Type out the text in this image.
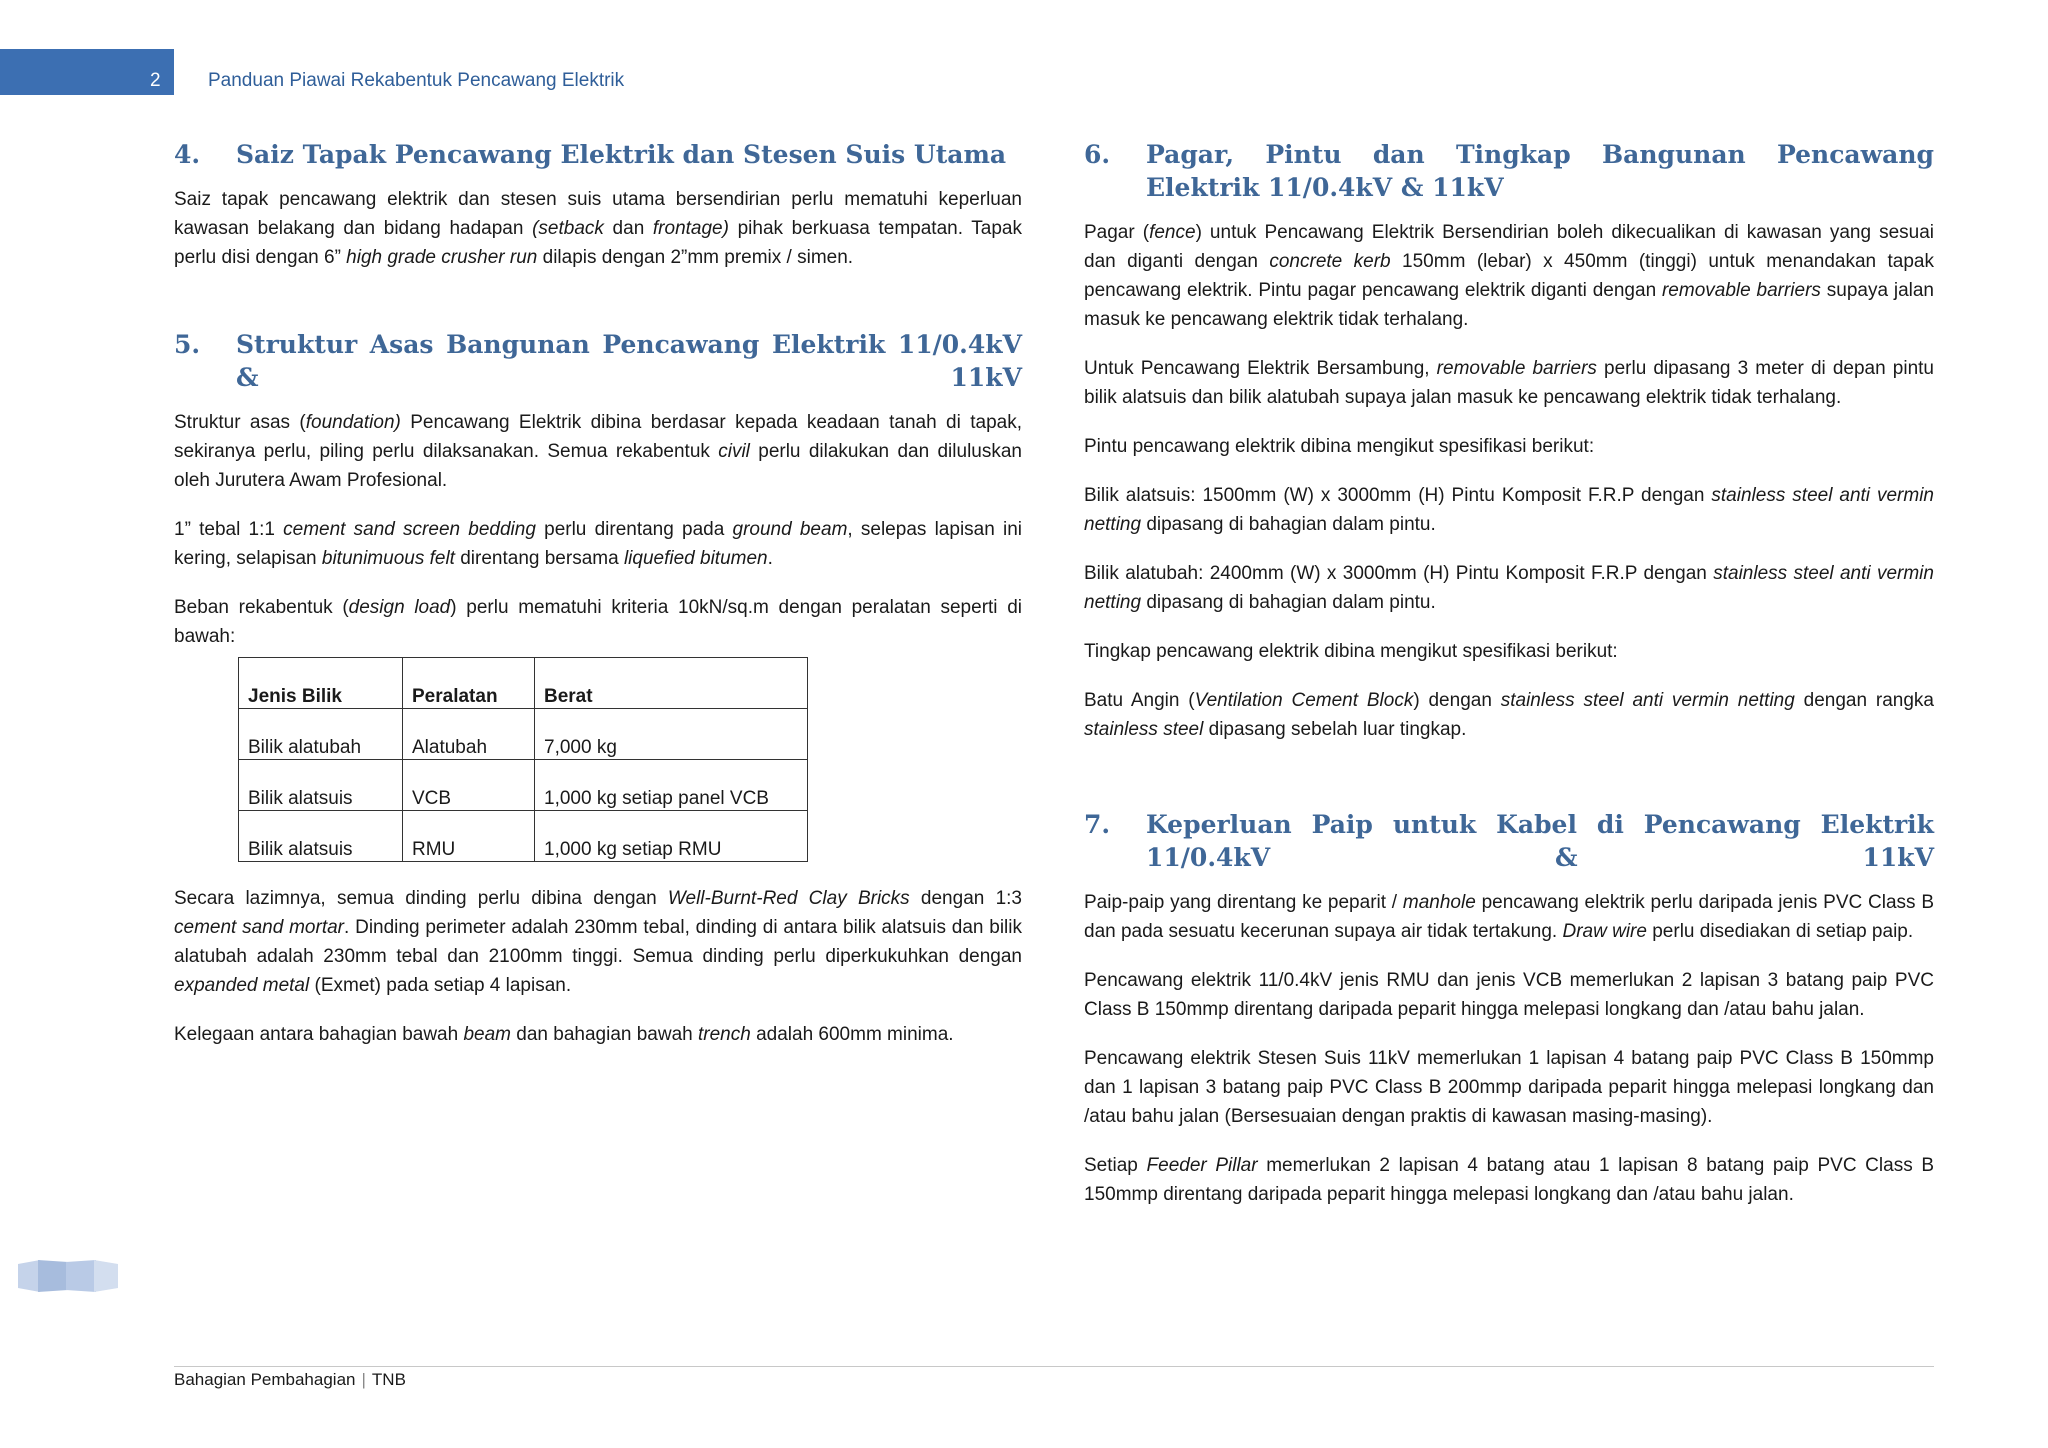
2 Panduan Piawai Rekabentuk Pencawang Elektrik
4.	Saiz Tapak Pencawang Elektrik dan Stesen Suis Utama

Saiz tapak pencawang elektrik dan stesen suis utama bersendirian perlu mematuhi keperluan kawasan belakang dan bidang hadapan (setback dan frontage) pihak berkuasa tempatan. Tapak perlu disi dengan 6” high grade crusher run dilapis dengan 2”mm premix / simen.

5.	Struktur Asas Bangunan Pencawang Elektrik 11/0.4kV & 11kV

Struktur asas (foundation) Pencawang Elektrik dibina berdasar kepada keadaan tanah di tapak, sekiranya perlu, piling perlu dilaksanakan. Semua rekabentuk civil perlu dilakukan dan diluluskan oleh Jurutera Awam Profesional.

1” tebal 1:1 cement sand screen bedding perlu direntang pada ground beam, selepas lapisan ini kering, selapisan bitunimuous felt direntang bersama liquefied bitumen.

Beban rekabentuk (design load) perlu mematuhi kriteria 10kN/sq.m dengan peralatan seperti di bawah:

Jenis Bilik	Peralatan	Berat
Bilik alatubah	Alatubah	7,000 kg
Bilik alatsuis	VCB	1,000 kg setiap panel VCB
Bilik alatsuis	RMU	1,000 kg setiap RMU

Secara lazimnya, semua dinding perlu dibina dengan Well-Burnt-Red Clay Bricks dengan 1:3 cement sand mortar. Dinding perimeter adalah 230mm tebal, dinding di antara bilik alatsuis dan bilik alatubah adalah 230mm tebal dan 2100mm tinggi. Semua dinding perlu diperkukuhkan dengan expanded metal (Exmet) pada setiap 4 lapisan.

Kelegaan antara bahagian bawah beam dan bahagian bawah trench adalah 600mm minima.

6.	Pagar, Pintu dan Tingkap Bangunan Pencawang Elektrik 11/0.4kV & 11kV

Pagar (fence) untuk Pencawang Elektrik Bersendirian boleh dikecualikan di kawasan yang sesuai dan diganti dengan concrete kerb 150mm (lebar) x 450mm (tinggi) untuk menandakan tapak pencawang elektrik. Pintu pagar pencawang elektrik diganti dengan removable barriers supaya jalan masuk ke pencawang elektrik tidak terhalang.

Untuk Pencawang Elektrik Bersambung, removable barriers perlu dipasang 3 meter di depan pintu bilik alatsuis dan bilik alatubah supaya jalan masuk ke pencawang elektrik tidak terhalang.

Pintu pencawang elektrik dibina mengikut spesifikasi berikut:

Bilik alatsuis: 1500mm (W) x 3000mm (H) Pintu Komposit F.R.P dengan stainless steel anti vermin netting dipasang di bahagian dalam pintu.

Bilik alatubah: 2400mm (W) x 3000mm (H) Pintu Komposit F.R.P dengan stainless steel anti vermin netting dipasang di bahagian dalam pintu.

Tingkap pencawang elektrik dibina mengikut spesifikasi berikut:

Batu Angin (Ventilation Cement Block) dengan stainless steel anti vermin netting dengan rangka stainless steel dipasang sebelah luar tingkap.

7.	Keperluan Paip untuk Kabel di Pencawang Elektrik 11/0.4kV & 11kV

Paip-paip yang direntang ke peparit / manhole pencawang elektrik perlu daripada jenis PVC Class B dan pada sesuatu kecerunan supaya air tidak tertakung. Draw wire perlu disediakan di setiap paip.

Pencawang elektrik 11/0.4kV jenis RMU dan jenis VCB memerlukan 2 lapisan 3 batang paip PVC Class B 150mmp direntang daripada peparit hingga melepasi longkang dan /atau bahu jalan.

Pencawang elektrik Stesen Suis 11kV memerlukan 1 lapisan 4 batang paip PVC Class B 150mmp dan 1 lapisan 3 batang paip PVC Class B 200mmp daripada peparit hingga melepasi longkang dan /atau bahu jalan (Bersesuaian dengan praktis di kawasan masing-masing).

Setiap Feeder Pillar memerlukan 2 lapisan 4 batang atau 1 lapisan 8 batang paip PVC Class B 150mmp direntang daripada peparit hingga melepasi longkang dan /atau bahu jalan.

Bahagian Pembahagian | TNB
